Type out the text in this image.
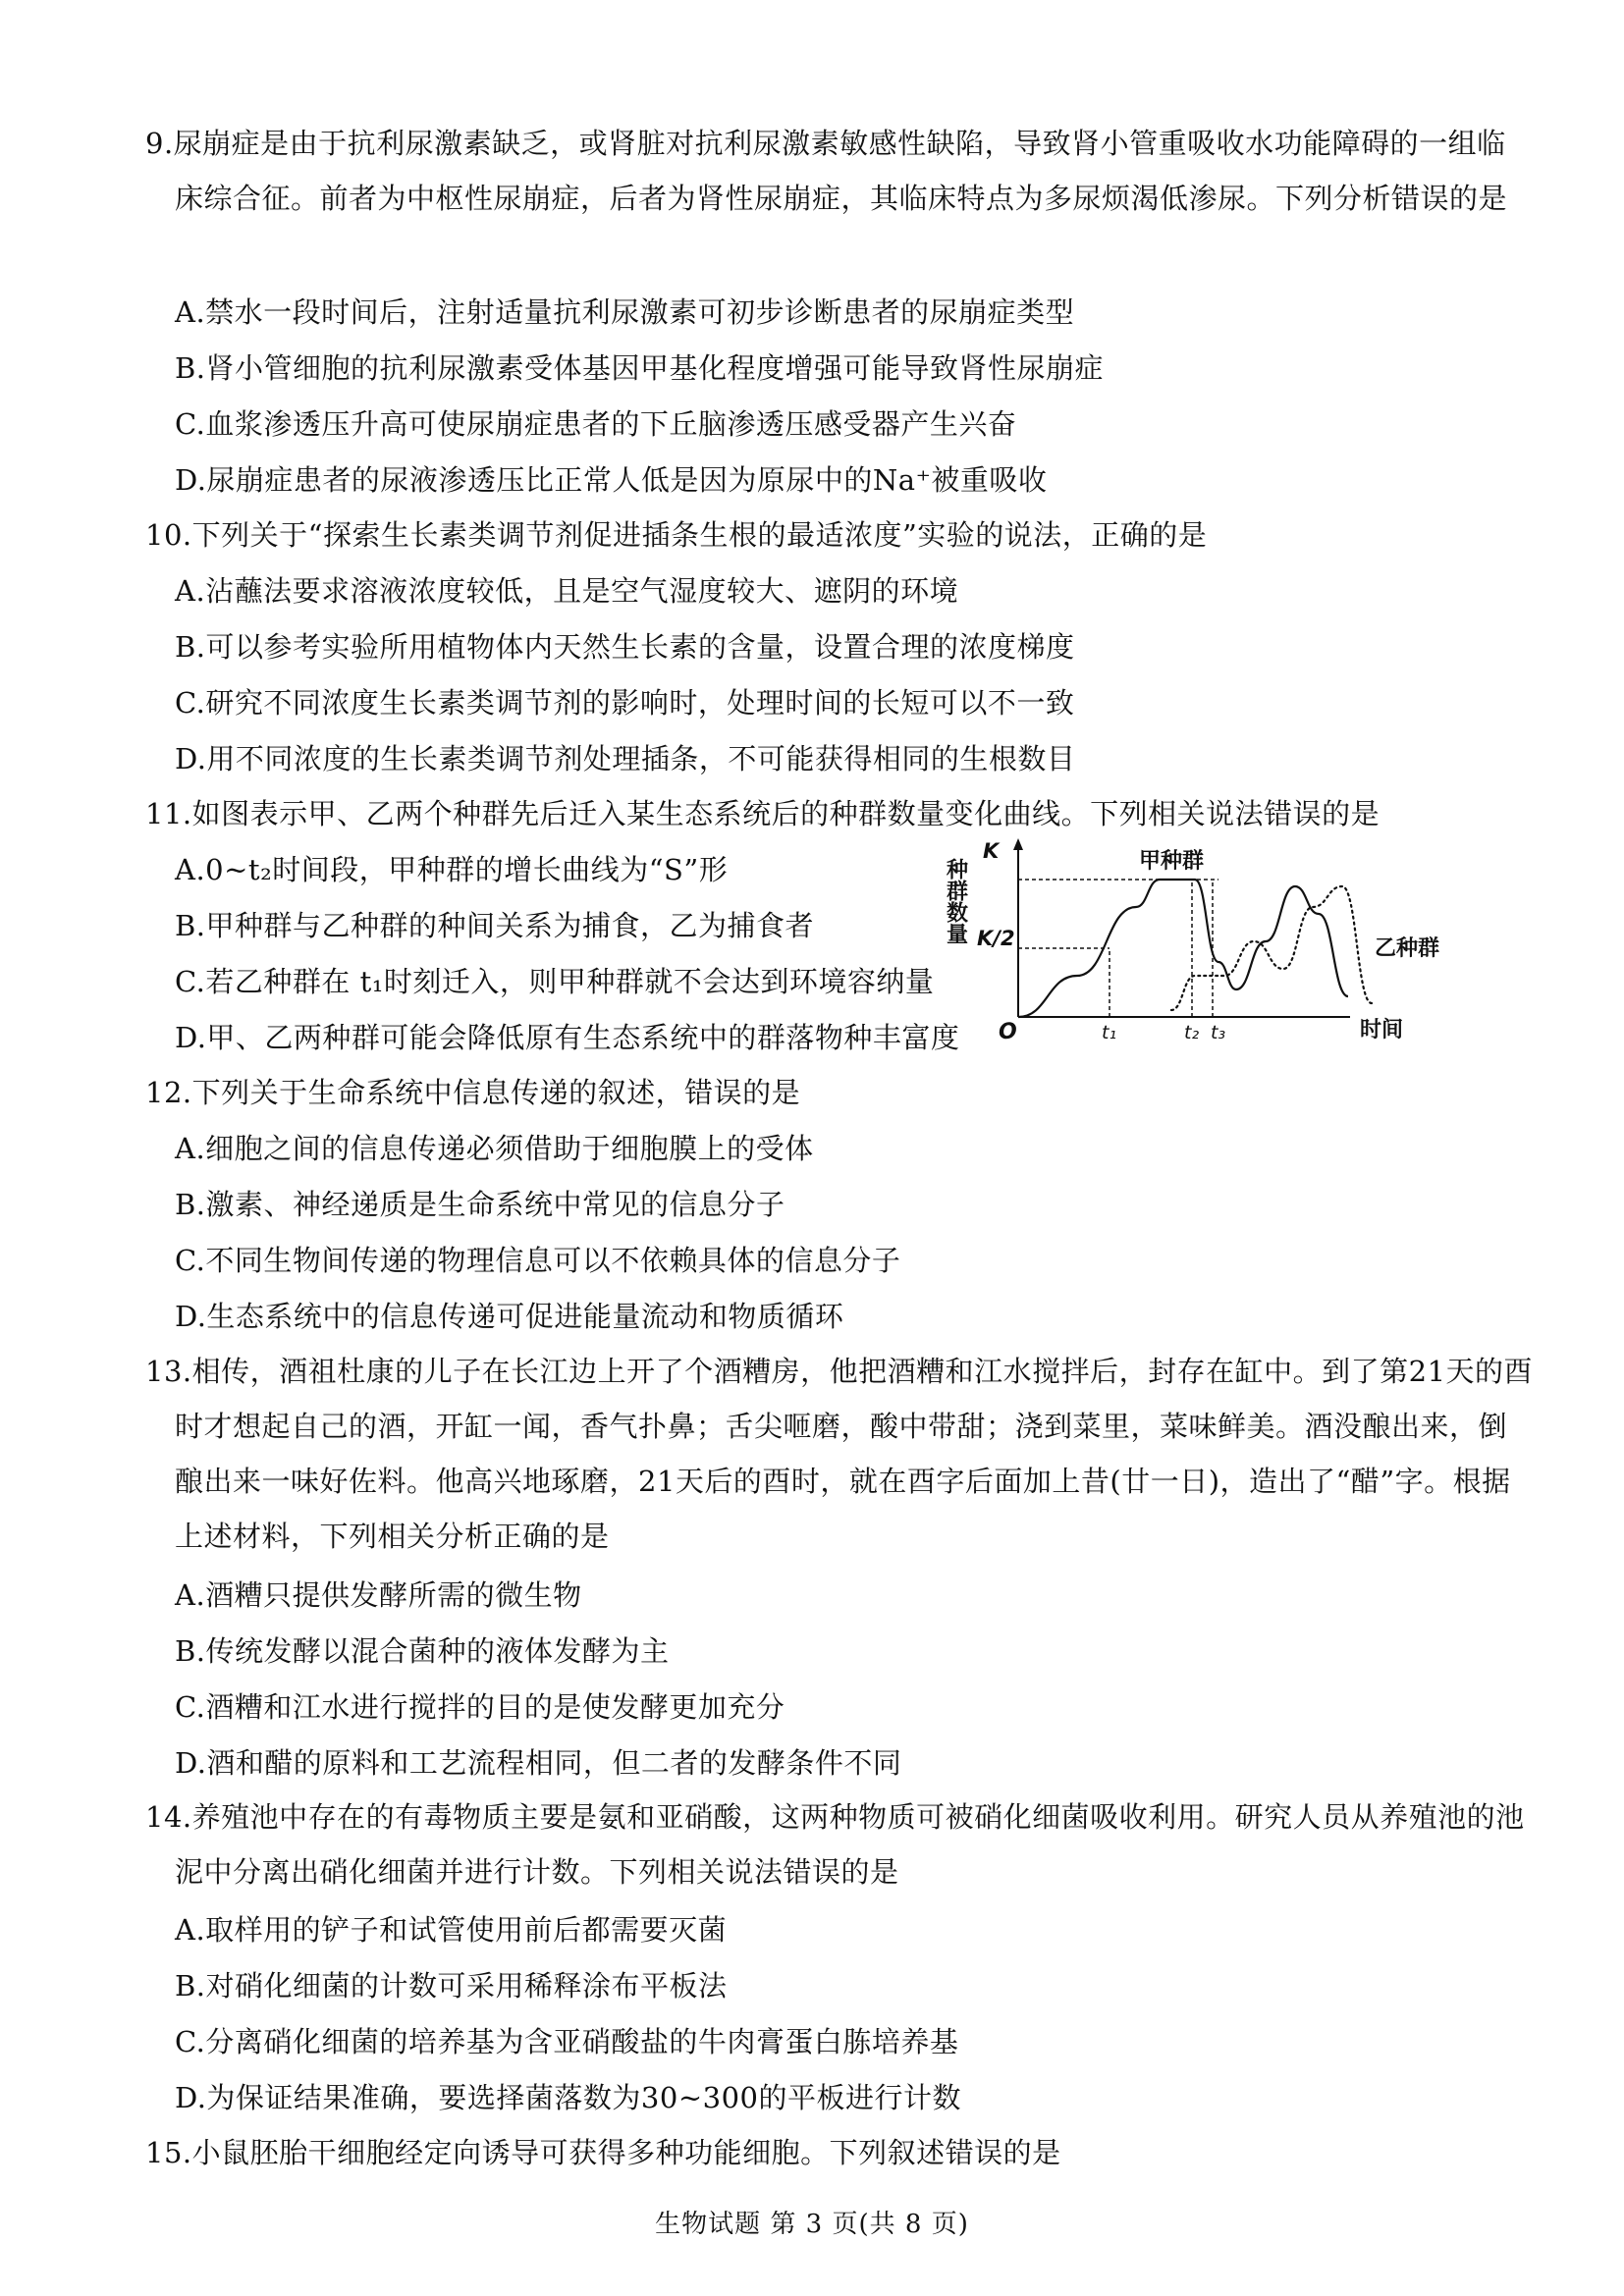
9.尿崩症是由于抗利尿激素缺乏，或肾脏对抗利尿激素敏感性缺陷，导致肾小管重吸收水功能障碍的一组临床综合征。前者为中枢性尿崩症，后者为肾性尿崩症，其临床特点为多尿烦渴低渗尿。下列分析错误的是
A.禁水一段时间后，注射适量抗利尿激素可初步诊断患者的尿崩症类型
B.肾小管细胞的抗利尿激素受体基因甲基化程度增强可能导致肾性尿崩症
C.血浆渗透压升高可使尿崩症患者的下丘脑渗透压感受器产生兴奋
D.尿崩症患者的尿液渗透压比正常人低是因为原尿中的Na⁺被重吸收
10.下列关于“探索生长素类调节剂促进插条生根的最适浓度”实验的说法，正确的是
A.沾蘸法要求溶液浓度较低，且是空气湿度较大、遮阴的环境
B.可以参考实验所用植物体内天然生长素的含量，设置合理的浓度梯度
C.研究不同浓度生长素类调节剂的影响时，处理时间的长短可以不一致
D.用不同浓度的生长素类调节剂处理插条，不可能获得相同的生根数目
11.如图表示甲、乙两个种群先后迁入某生态系统后的种群数量变化曲线。下列相关说法错误的是
A.0~t₂时间段，甲种群的增长曲线为“S”形
B.甲种群与乙种群的种间关系为捕食，乙为捕食者
C.若乙种群在 t₁时刻迁入，则甲种群就不会达到环境容纳量
D.甲、乙两种群可能会降低原有生态系统中的群落物种丰富度
种群数量
时间
O
K
K/2
t₁	t₂ t₃
甲种群
乙种群
12.下列关于生命系统中信息传递的叙述，错误的是
A.细胞之间的信息传递必须借助于细胞膜上的受体
B.激素、神经递质是生命系统中常见的信息分子
C.不同生物间传递的物理信息可以不依赖具体的信息分子
D.生态系统中的信息传递可促进能量流动和物质循环
13.相传，酒祖杜康的儿子在长江边上开了个酒糟房，他把酒糟和江水搅拌后，封存在缸中。到了第21天的酉时才想起自己的酒，开缸一闻，香气扑鼻；舌尖咂磨，酸中带甜；浇到菜里，菜味鲜美。酒没酿出来，倒酿出来一味好佐料。他高兴地琢磨，21天后的酉时，就在酉字后面加上昔(廿一日)，造出了“醋”字。根据上述材料，下列相关分析正确的是
A.酒糟只提供发酵所需的微生物
B.传统发酵以混合菌种的液体发酵为主
C.酒糟和江水进行搅拌的目的是使发酵更加充分
D.酒和醋的原料和工艺流程相同，但二者的发酵条件不同
14.养殖池中存在的有毒物质主要是氨和亚硝酸，这两种物质可被硝化细菌吸收利用。研究人员从养殖池的池泥中分离出硝化细菌并进行计数。下列相关说法错误的是
A.取样用的铲子和试管使用前后都需要灭菌
B.对硝化细菌的计数可采用稀释涂布平板法
C.分离硝化细菌的培养基为含亚硝酸盐的牛肉膏蛋白胨培养基
D.为保证结果准确，要选择菌落数为30~300的平板进行计数
15.小鼠胚胎干细胞经定向诱导可获得多种功能细胞。下列叙述错误的是
生物试题 第 3 页(共 8 页)
